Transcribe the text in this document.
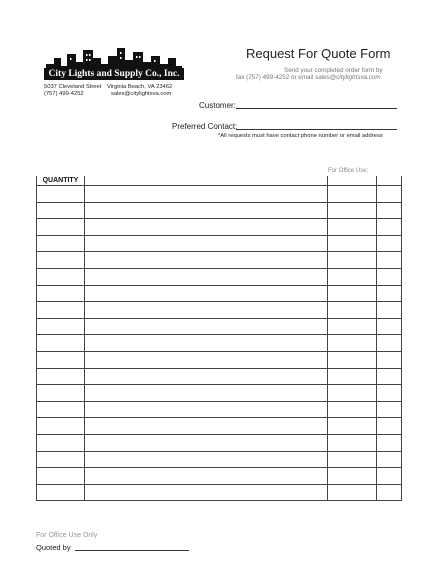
City Lights and Supply Co., Inc.
5037 Cleveland Street Virginia Beach, VA 23462
(757) 499-4252	sales@citylightsva.com
Request For Quote Form
Send your completed order form by
fax (757) 499-4252 or email sales@citylightsva.com
Customer:
Preferred Contact:
*All requests must have contact phone number or email address
For Office Use:
QUANTITY			

For Office Use Only
Quoted by
